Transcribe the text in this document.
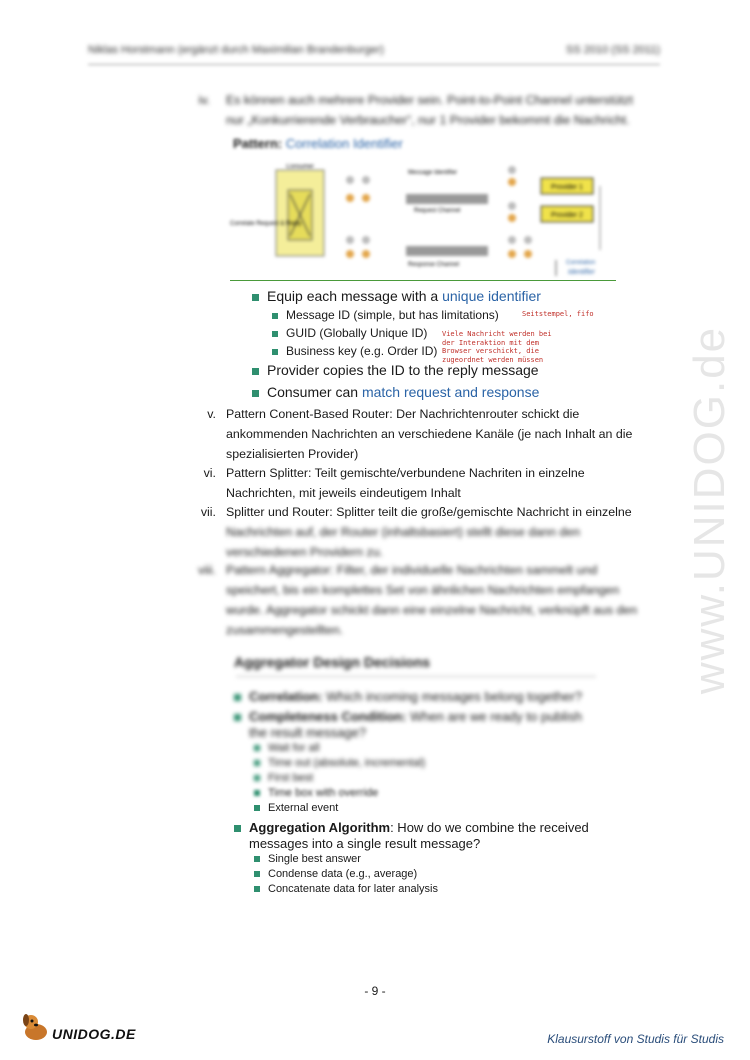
Niklas Horstmann (ergänzt durch Maximilian Brandenburger)	SS 2010 (SS 2011)
www.UNIDOG.de
iv. Es können auch mehrere Provider sein. Point-to-Point Channel unterstützt
nur „Konkurrierende Verbraucher“, nur 1 Provider bekommt die Nachricht.
Pattern: Correlation Identifier
Consumer
Correlate Request & Reply
Message Identifier
Request Channel
Provider 1
Provider 2
Response Channel	Correlation
Identifier
Equip each message with a unique identifier
Message ID (simple, but has limitations)
GUID (Globally Unique ID)
Business key (e.g. Order ID)
Provider copies the ID to the reply message
Consumer can match request and response
Seitstempel, fifo
Viele Nachricht werden bei
der Interaktion mit dem
Browser verschickt, die
zugeordnet werden müssen
v. Pattern Conent-Based Router: Der Nachrichtenrouter schickt die
ankommenden Nachrichten an verschiedene Kanäle (je nach Inhalt an die
spezialisierten Provider)
vi. Pattern Splitter: Teilt gemischte/verbundene Nachriten in einzelne
Nachrichten, mit jeweils eindeutigem Inhalt
vii. Splitter und Router: Splitter teilt die große/gemischte Nachricht in einzelne
Nachrichten auf, der Router (inhaltsbasiert) stellt diese dann den
verschiedenen Providern zu.
viii. Pattern Aggregator: Filter, der individuelle Nachrichten sammelt und
speichert, bis ein komplettes Set von ähnlichen Nachrichten empfangen
wurde. Aggregator schickt dann eine einzelne Nachricht, verknüpft aus den
zusammengestellten.
Aggregator Design Decisions
Correlation: Which incoming messages belong together?
Completeness Condition: When are we ready to publish
the result message?
Wait for all
Time out (absolute, incremental)
First best
Time box with override
External event
Aggregation Algorithm: How do we combine the received
messages into a single result message?
Single best answer
Condense data (e.g., average)
Concatenate data for later analysis
- 9 -
UNIDOG.DE	Klausurstoff von Studis für Studis
